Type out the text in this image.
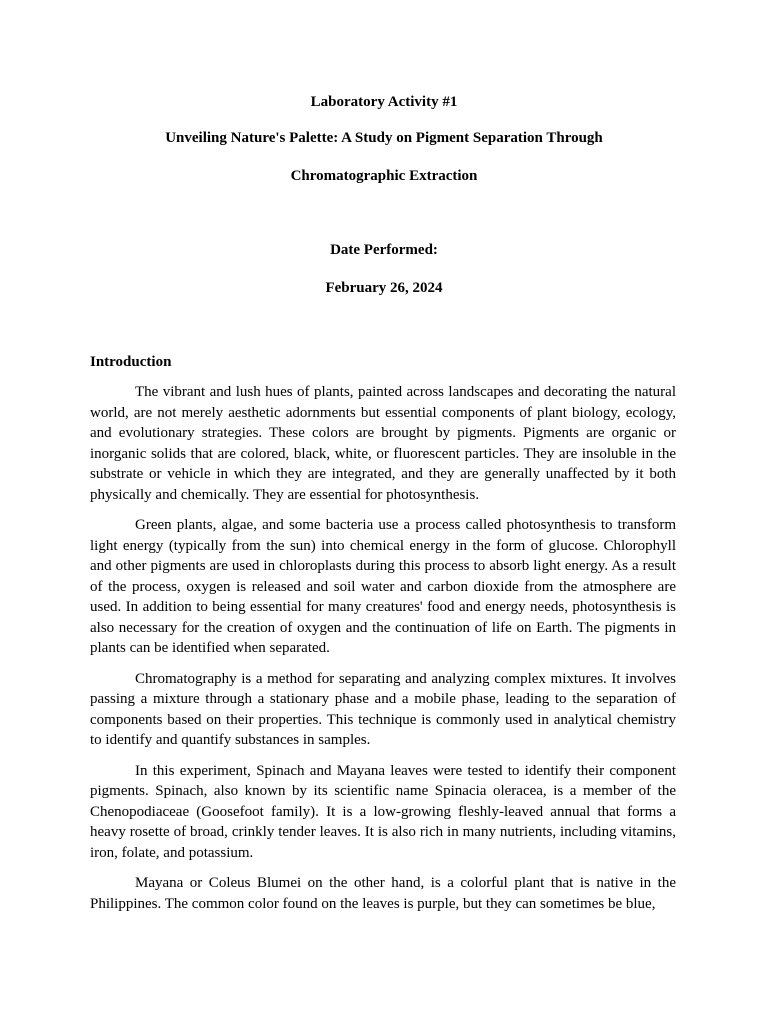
Laboratory Activity #1
Unveiling Nature's Palette: A Study on Pigment Separation Through
Chromatographic Extraction
Date Performed:
February 26, 2024
Introduction

The vibrant and lush hues of plants, painted across landscapes and decorating the natural world, are not merely aesthetic adornments but essential components of plant biology, ecology, and evolutionary strategies. These colors are brought by pigments. Pigments are organic or inorganic solids that are colored, black, white, or fluorescent particles. They are insoluble in the substrate or vehicle in which they are integrated, and they are generally unaffected by it both physically and chemically. They are essential for photosynthesis.

Green plants, algae, and some bacteria use a process called photosynthesis to transform light energy (typically from the sun) into chemical energy in the form of glucose. Chlorophyll and other pigments are used in chloroplasts during this process to absorb light energy. As a result of the process, oxygen is released and soil water and carbon dioxide from the atmosphere are used. In addition to being essential for many creatures' food and energy needs, photosynthesis is also necessary for the creation of oxygen and the continuation of life on Earth. The pigments in plants can be identified when separated.

Chromatography is a method for separating and analyzing complex mixtures. It involves passing a mixture through a stationary phase and a mobile phase, leading to the separation of components based on their properties. This technique is commonly used in analytical chemistry to identify and quantify substances in samples.

In this experiment, Spinach and Mayana leaves were tested to identify their component pigments. Spinach, also known by its scientific name Spinacia oleracea, is a member of the Chenopodiaceae (Goosefoot family). It is a low-growing fleshly-leaved annual that forms a heavy rosette of broad, crinkly tender leaves. It is also rich in many nutrients, including vitamins, iron, folate, and potassium.

Mayana or Coleus Blumei on the other hand, is a colorful plant that is native in the Philippines. The common color found on the leaves is purple, but they can sometimes be blue,
